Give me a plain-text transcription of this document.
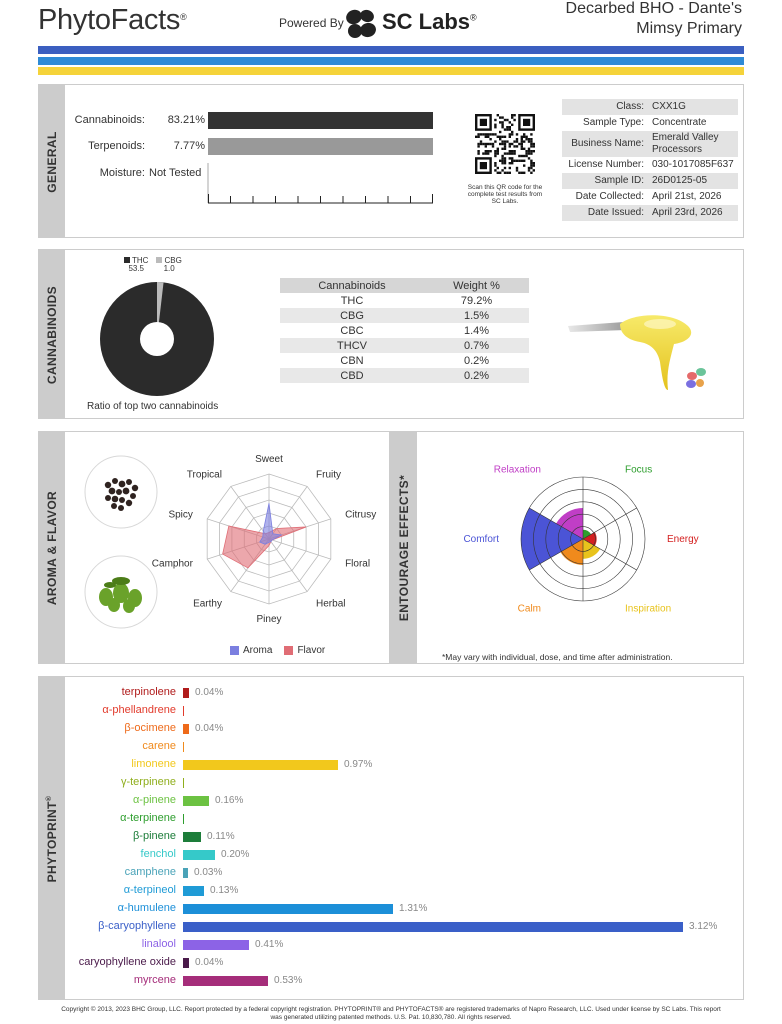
PhytoFacts®	Powered By SC Labs®
Decarbed BHO - Dante's
Mimsy Primary
GENERAL
Cannabinoids:	83.21%
Terpenoids:	7.77%
Moisture: Not Tested
Scan this QR code for the complete test results from SC Labs.
Class:	CXX1G
Sample Type:	Concentrate
Business Name:	Emerald Valley Processors
License Number:	030-1017085F637
Sample ID:	26D0125-05
Date Collected:	April 21st, 2026
Date Issued:	April 23rd, 2026
CANNABINOIDS
THC
53.5
CBG
1.0
Ratio of top two cannabinoids
Cannabinoids	Weight %
THC	79.2%
CBG	1.5%
CBC	1.4%
THCV	0.7%
CBN	0.2%
CBD	0.2%
AROMA & FLAVOR
Sweet
Fruity
Citrusy
Floral
Herbal
Piney
Earthy
Camphor
Spicy
Tropical
Aroma	Flavor
ENTOURAGE EFFECTS*
Focus
Energy
Inspiration
Calm
Comfort
Relaxation
*May vary with individual, dose, and time after administration.
PHYTOPRINT®
terpinolene 0.04%
α-phellandrene
β-ocimene 0.04%
carene
limonene	0.97%
γ-terpinene
α-pinene	0.16%
α-terpinene
β-pinene	0.11%
fenchol	0.20%
camphene 0.03%
α-terpineol	0.13%
α-humulene	1.31%
β-caryophyllene	3.12%
linalool	0.41%
caryophyllene oxide 0.04%
myrcene	0.53%
Copyright © 2013, 2023 BHC Group, LLC. Report protected by a federal copyright registration. PHYTOPRINT® and PHYTOFACTS® are registered trademarks of Napro Research, LLC. Used under license by SC Labs. This report
was generated utilizing patented methods. U.S. Pat. 10,830,780. All rights reserved.
